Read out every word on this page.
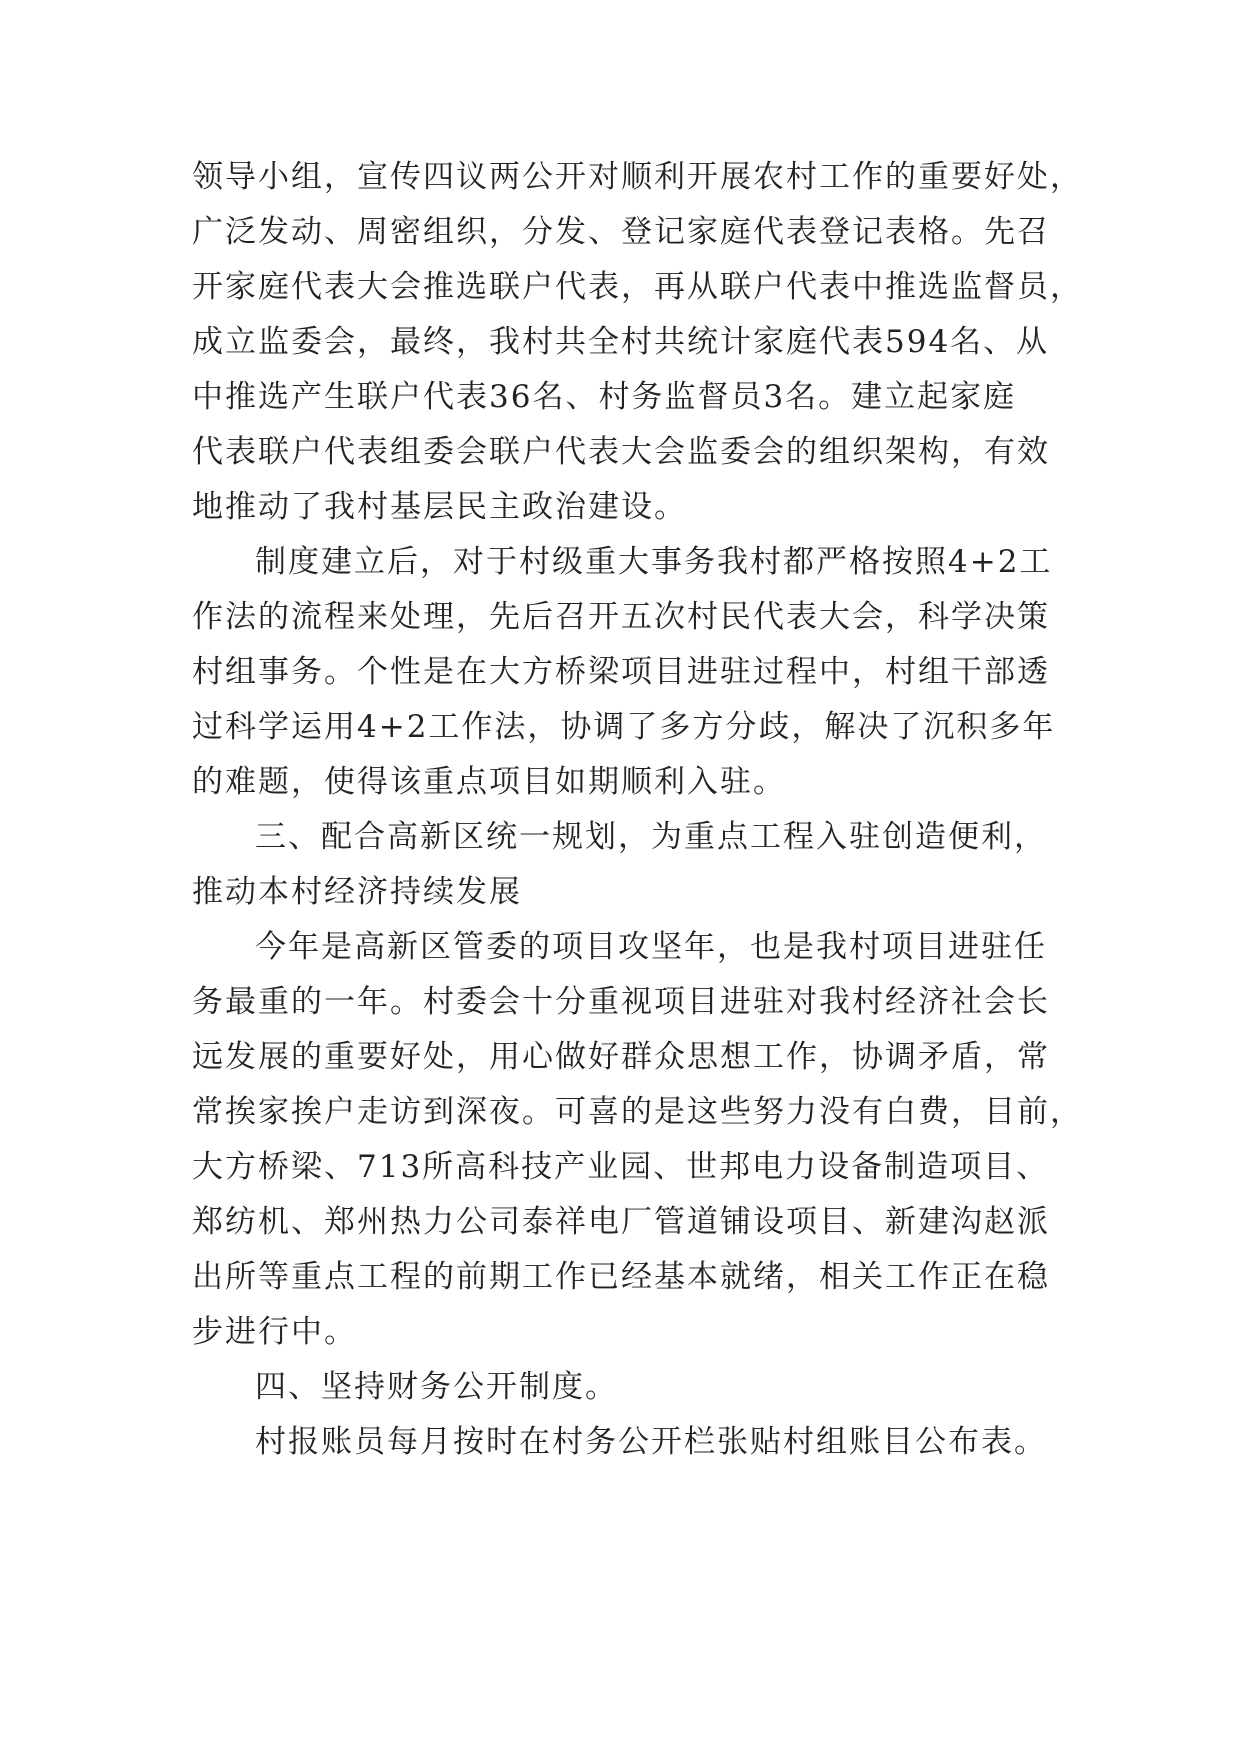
领导小组，宣传四议两公开对顺利开展农村工作的重要好处，
广泛发动、周密组织，分发、登记家庭代表登记表格。先召
开家庭代表大会推选联户代表，再从联户代表中推选监督员，
成立监委会，最终，我村共全村共统计家庭代表594名、从
中推选产生联户代表36名、村务监督员3名。建立起家庭
代表联户代表组委会联户代表大会监委会的组织架构，有效
地推动了我村基层民主政治建设。
制度建立后，对于村级重大事务我村都严格按照4+2工
作法的流程来处理，先后召开五次村民代表大会，科学决策
村组事务。个性是在大方桥梁项目进驻过程中，村组干部透
过科学运用4+2工作法，协调了多方分歧，解决了沉积多年
的难题，使得该重点项目如期顺利入驻。
三、配合高新区统一规划，为重点工程入驻创造便利，
推动本村经济持续发展
今年是高新区管委的项目攻坚年，也是我村项目进驻任
务最重的一年。村委会十分重视项目进驻对我村经济社会长
远发展的重要好处，用心做好群众思想工作，协调矛盾，常
常挨家挨户走访到深夜。可喜的是这些努力没有白费，目前，
大方桥梁、713所高科技产业园、世邦电力设备制造项目、
郑纺机、郑州热力公司泰祥电厂管道铺设项目、新建沟赵派
出所等重点工程的前期工作已经基本就绪，相关工作正在稳
步进行中。
四、坚持财务公开制度。
村报账员每月按时在村务公开栏张贴村组账目公布表。
